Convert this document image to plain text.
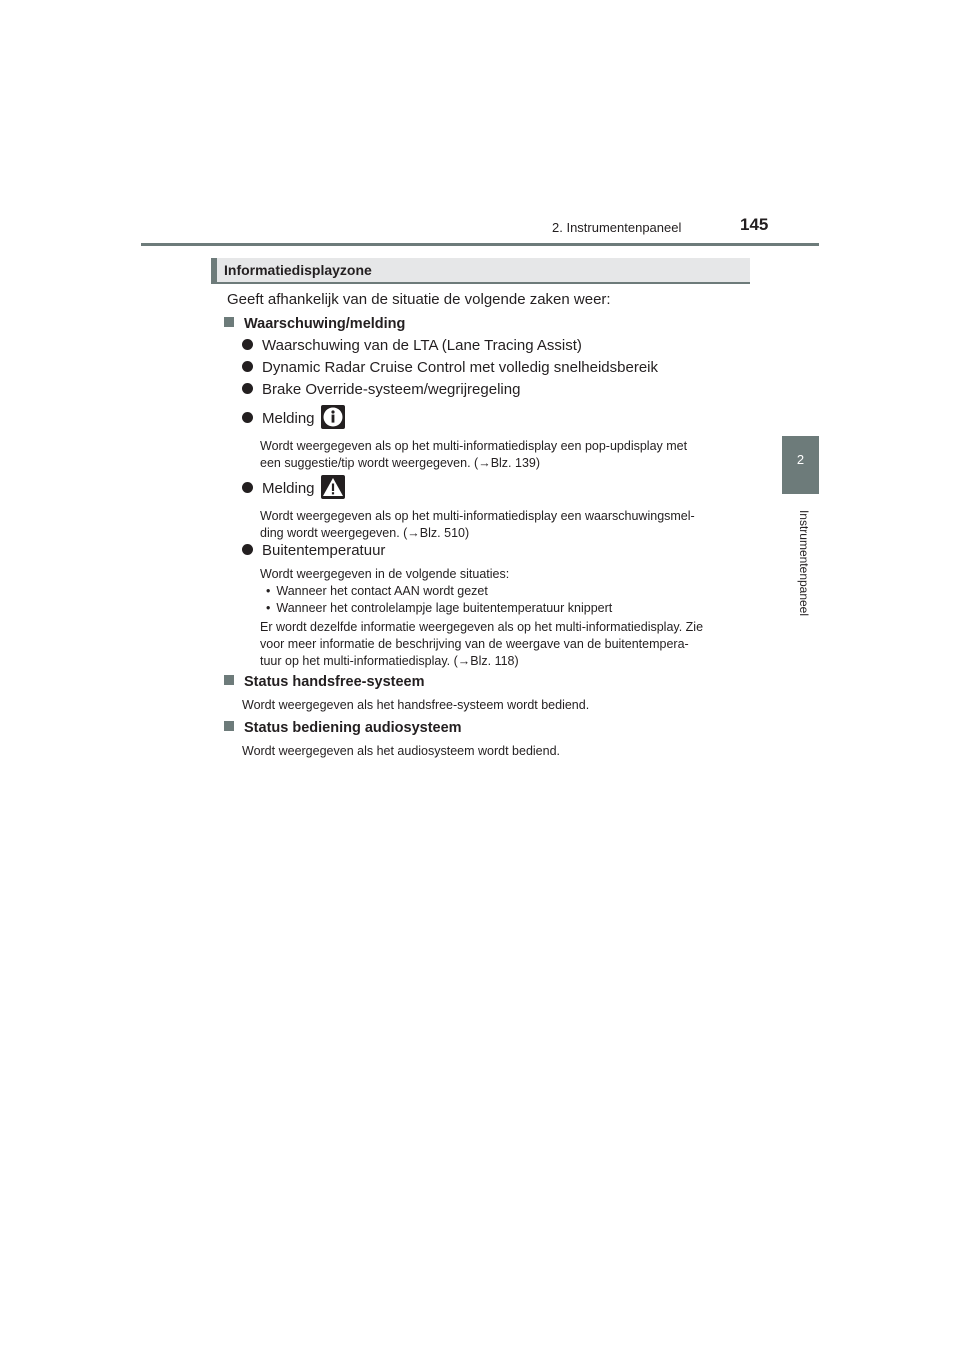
2. Instrumentenpaneel	145
2
Instrumentenpaneel
Informatiedisplayzone
Geeft afhankelijk van de situatie de volgende zaken weer:
Waarschuwing/melding
Waarschuwing van de LTA (Lane Tracing Assist)
Dynamic Radar Cruise Control met volledig snelheidsbereik
Brake Override-systeem/wegrijregeling
Melding
Wordt weergegeven als op het multi-informatiedisplay een pop-updisplay met
een suggestie/tip wordt weergegeven. (→Blz. 139)
Melding
Wordt weergegeven als op het multi-informatiedisplay een waarschuwingsmel-
ding wordt weergegeven. (→Blz. 510)
Buitentemperatuur
Wordt weergegeven in de volgende situaties:
• Wanneer het contact AAN wordt gezet
• Wanneer het controlelampje lage buitentemperatuur knippert
Er wordt dezelfde informatie weergegeven als op het multi-informatiedisplay. Zie
voor meer informatie de beschrijving van de weergave van de buitentempera-
tuur op het multi-informatiedisplay. (→Blz. 118)
Status handsfree-systeem
Wordt weergegeven als het handsfree-systeem wordt bediend.
Status bediening audiosysteem
Wordt weergegeven als het audiosysteem wordt bediend.
